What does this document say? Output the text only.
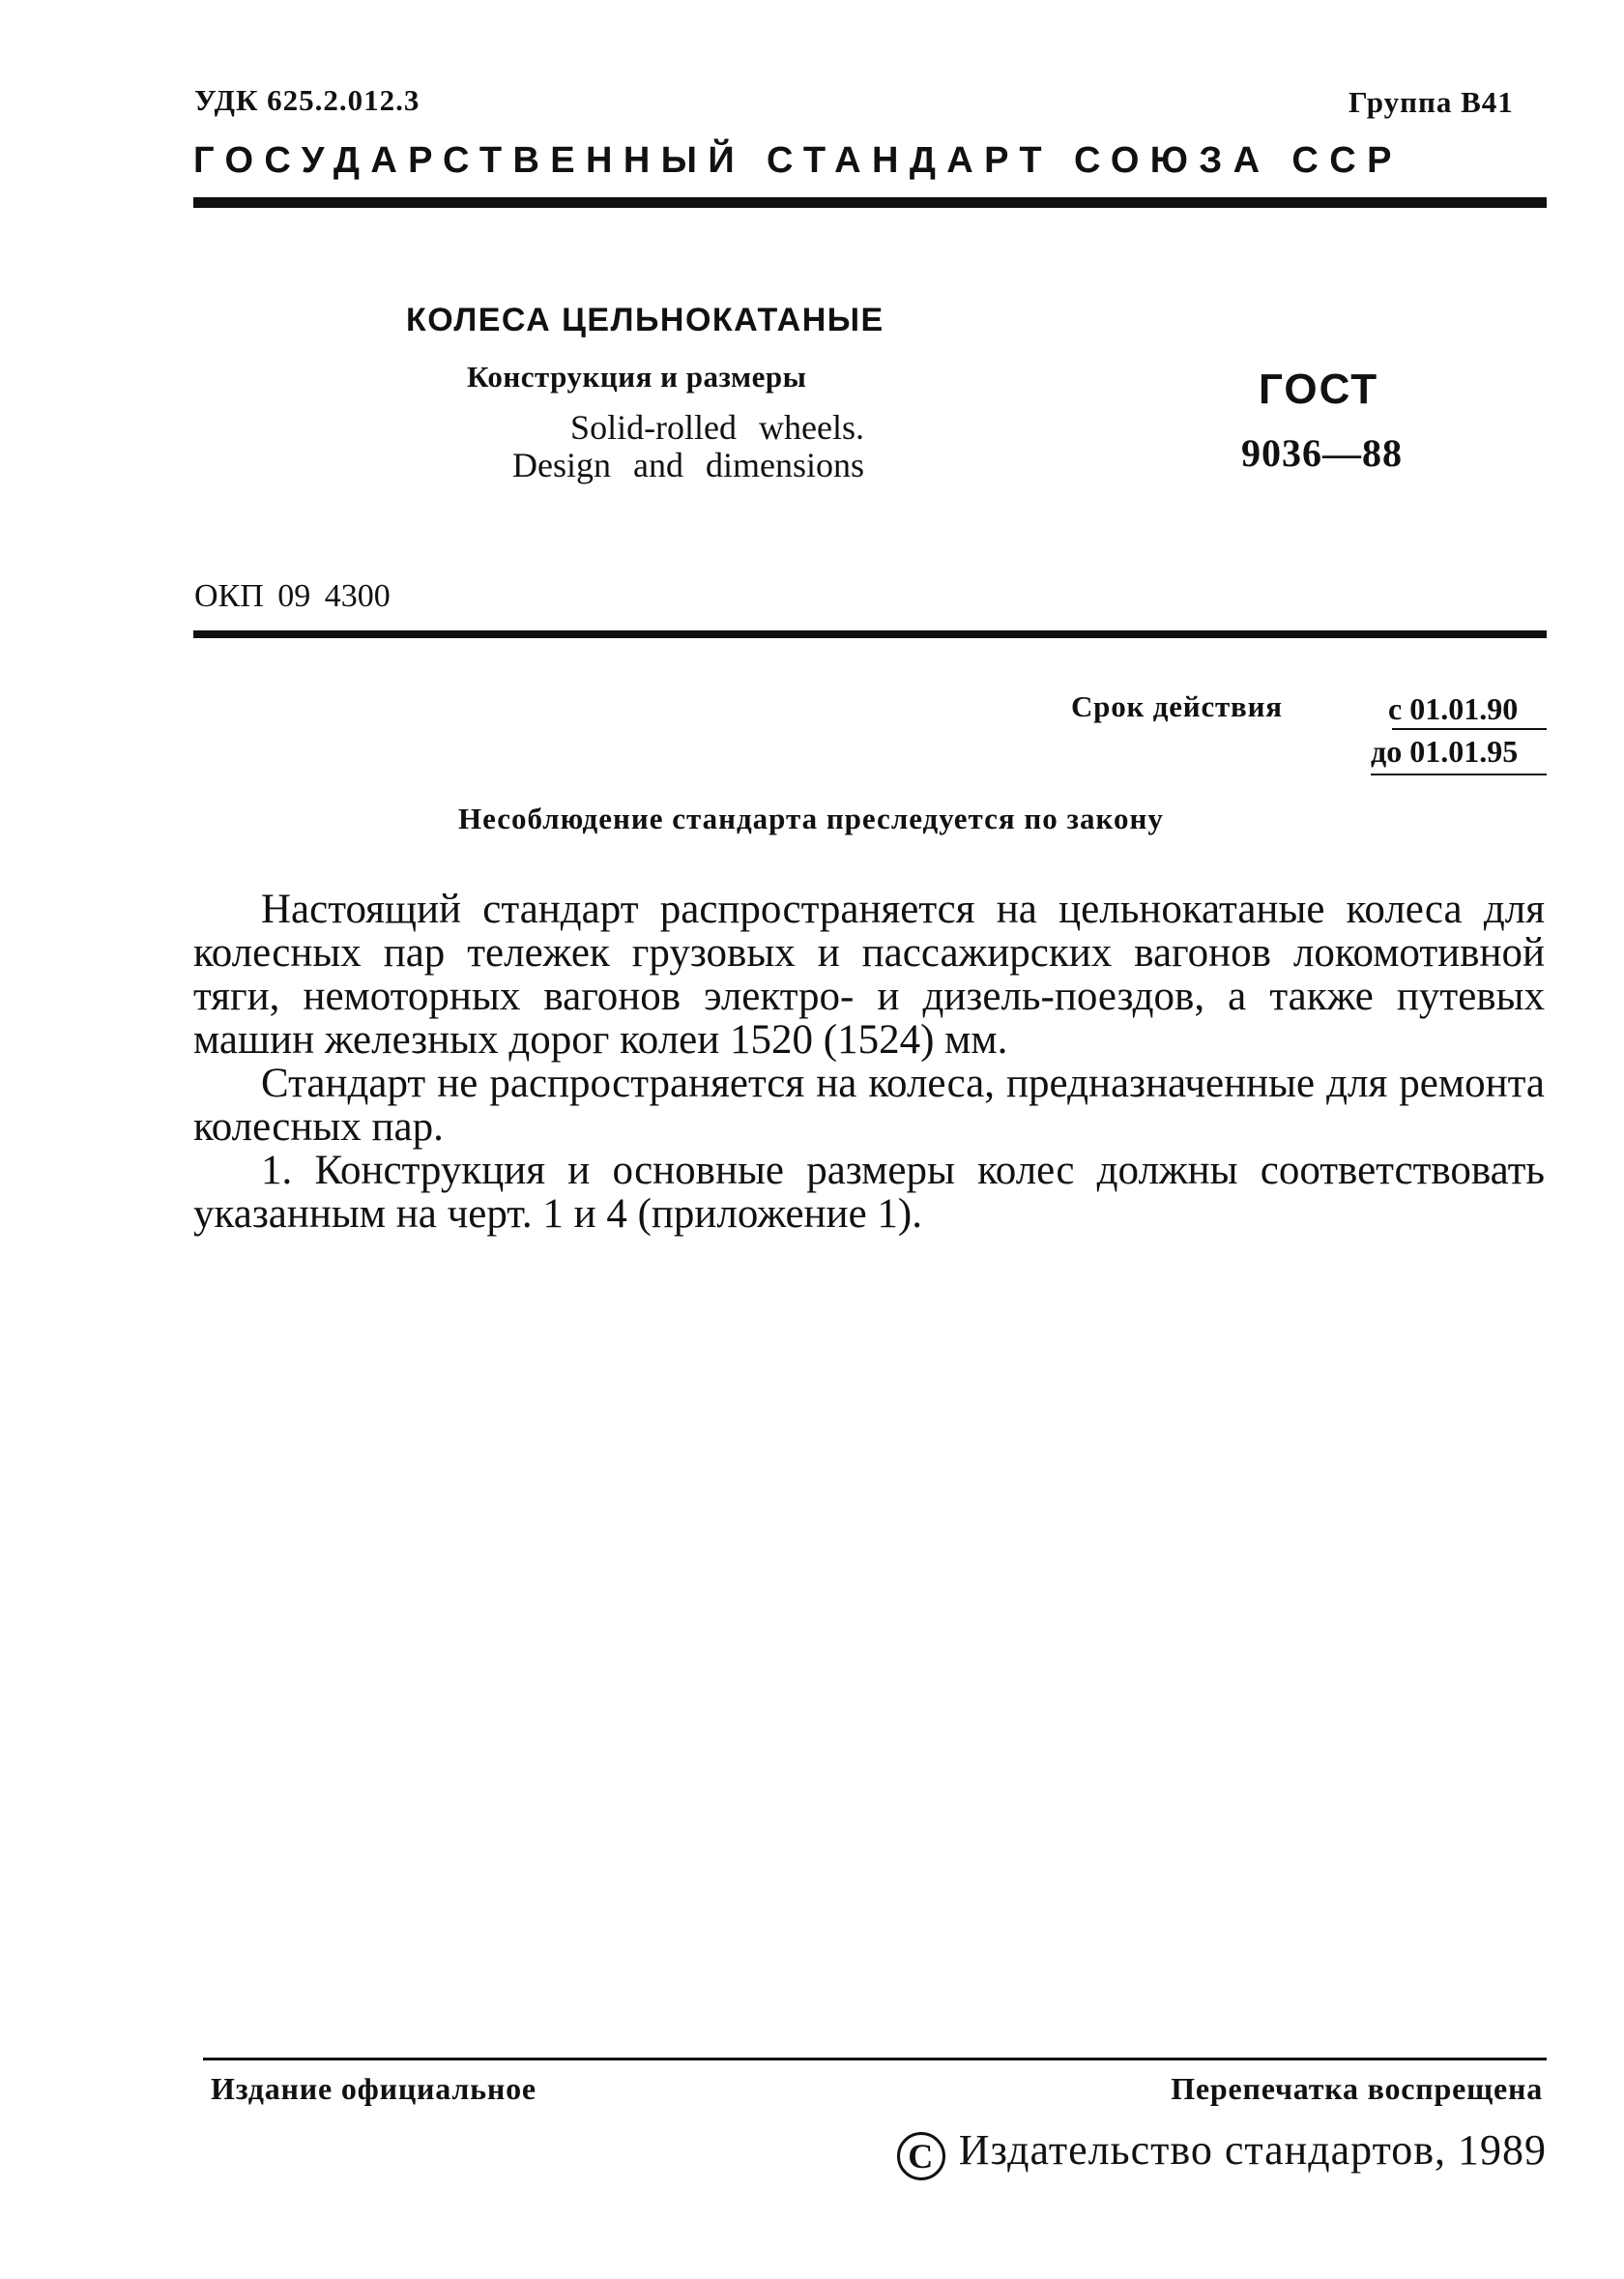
УДК 625.2.012.3	Группа В41
ГОСУДАРСТВЕННЫЙ СТАНДАРТ СОЮЗА ССР
КОЛЕСА ЦЕЛЬНОКАТАНЫЕ
Конструкция и размеры
Solid-rolled wheels.
Design and dimensions
ГОСТ
9036—88
ОКП 09 4300
Срок действия	с 01.01.90
до 01.01.95
Несоблюдение стандарта преследуется по закону

Настоящий стандарт распространяется на цельнокатаные колеса для колесных пар тележек грузовых и пассажирских вагонов локомотивной тяги, немоторных вагонов электро- и дизель-поездов, а также путевых машин железных дорог колеи 1520 (1524) мм.

Стандарт не распространяется на колеса, предназначенные для ремонта колесных пар.

1. Конструкция и основные размеры колес должны соответствовать указанным на черт. 1 и 4 (приложение 1).

Издание официальное	Перепечатка воспрещена
C Издательство стандартов, 1989
